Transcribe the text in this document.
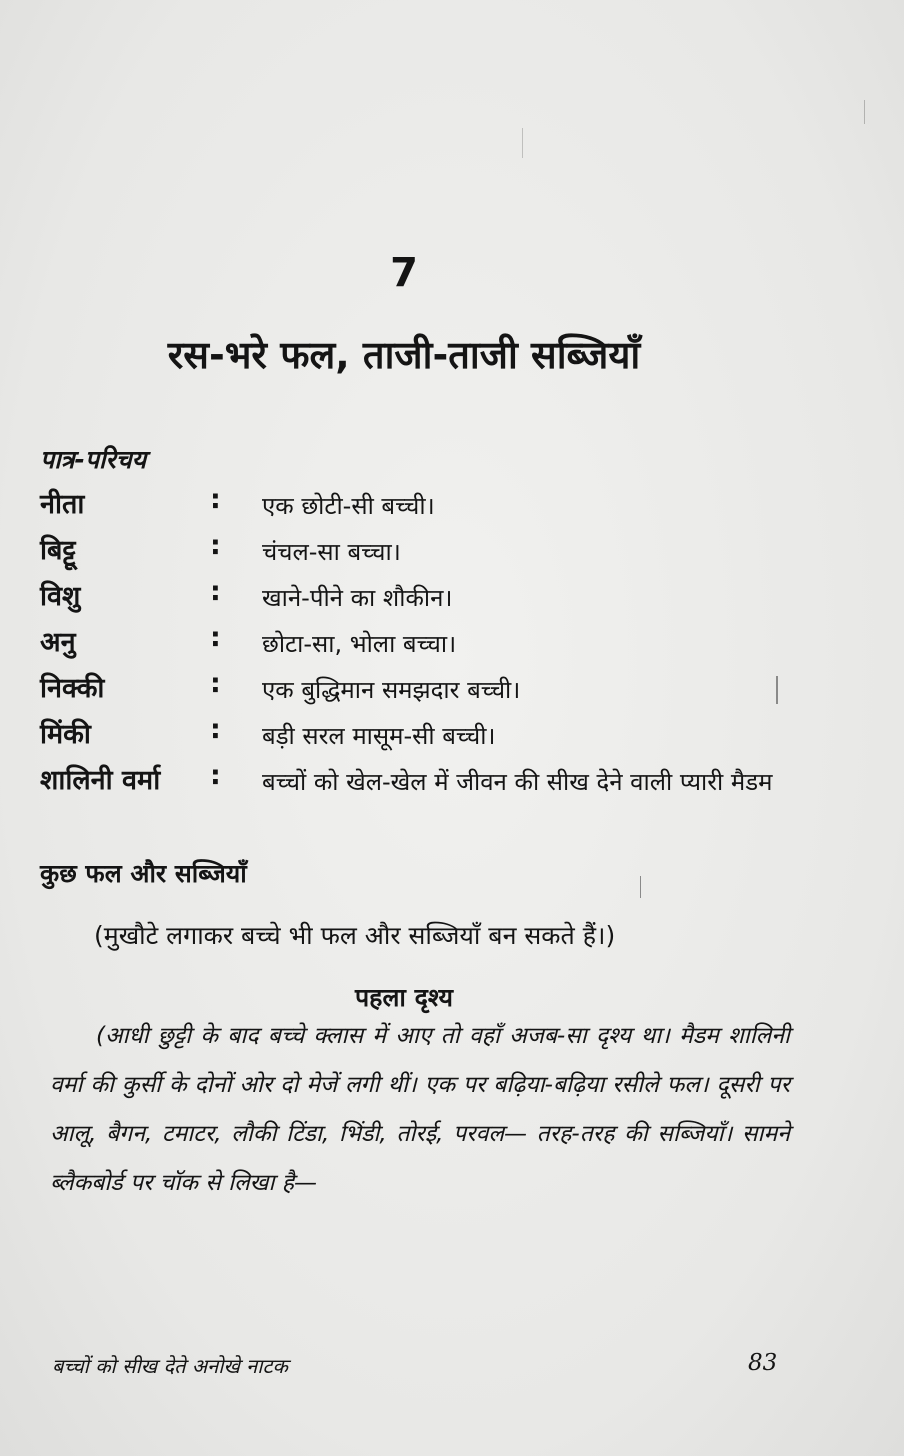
7
रस-भरे फल, ताजी-ताजी सब्जियाँ
पात्र-परिचय
नीता	: एक छोटी-सी बच्ची।
बिट्टू	: चंचल-सा बच्चा।
विशु	: खाने-पीने का शौकीन।
अनु	: छोटा-सा, भोला बच्चा।
निक्की	: एक बुद्धिमान समझदार बच्ची।
मिंकी	: बड़ी सरल मासूम-सी बच्ची।
शालिनी वर्मा : बच्चों को खेल-खेल में जीवन की सीख देने वाली प्यारी मैडम
कुछ फल और सब्जियाँ
(मुखौटे लगाकर बच्चे भी फल और सब्जियाँ बन सकते हैं।)
पहला दृश्य
(आधी छुट्टी के बाद बच्चे क्लास में आए तो वहाँ अजब-सा दृश्य था। मैडम शालिनी वर्मा की कुर्सी के दोनों ओर दो मेजें लगी थीं। एक पर बढ़िया-बढ़िया रसीले फल। दूसरी पर आलू, बैगन, टमाटर, लौकी टिंडा, भिंडी, तोरई, परवल— तरह-तरह की सब्जियाँ। सामने ब्लैकबोर्ड पर चॉक से लिखा है—
बच्चों को सीख देते अनोखे नाटक	83
